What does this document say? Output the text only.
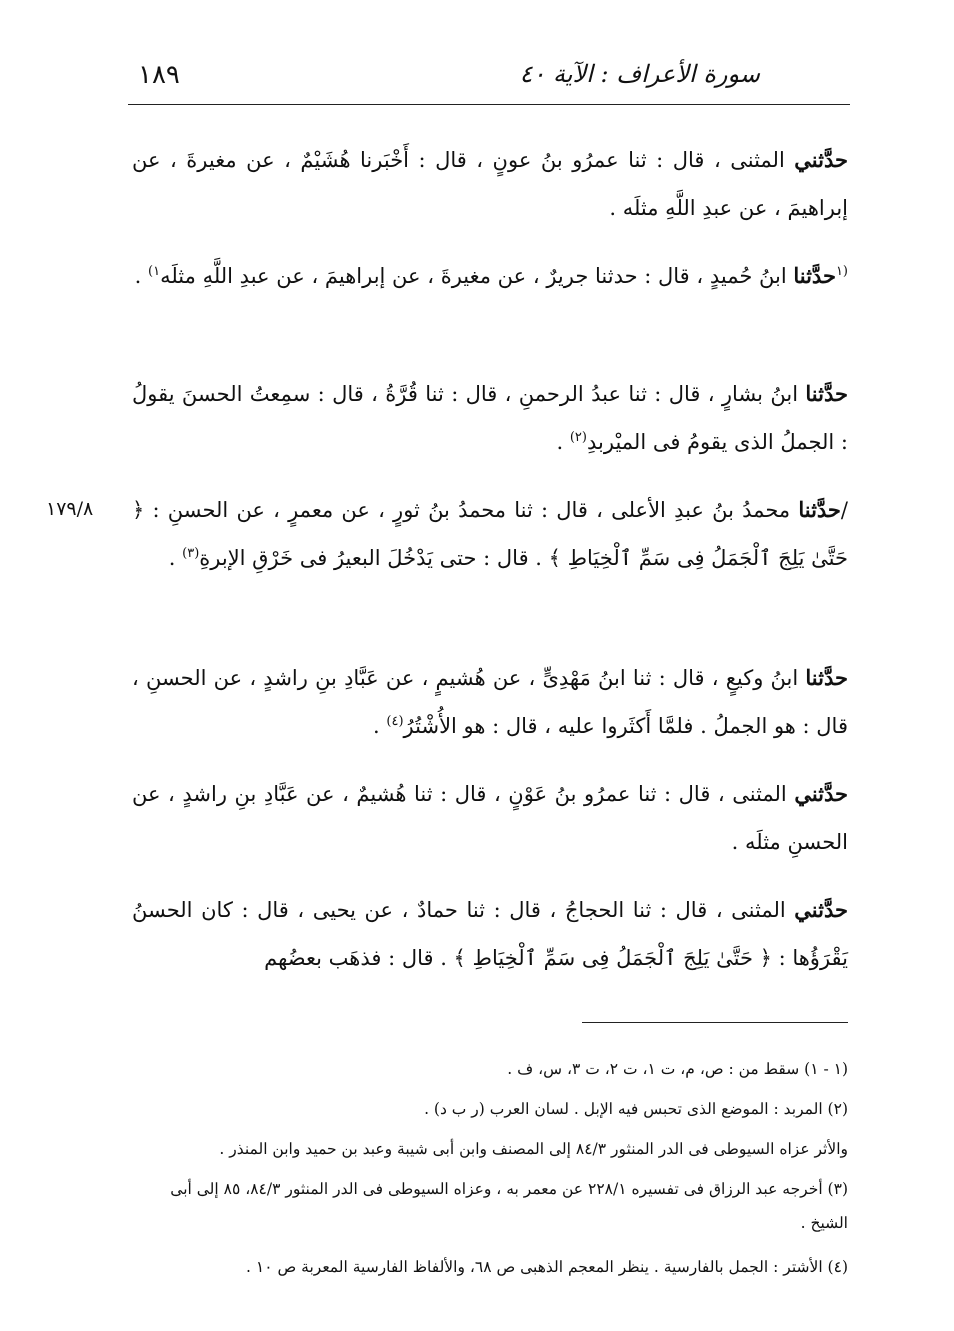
١٨٩	سورة الأعراف : الآية ٤٠
١٧٩/٨

حدَّثني المثنى ، قال : ثنا عمرُو بنُ عونٍ ، قال : أَخْبَرنا هُشَيْمٌ ، عن مغيرةَ ، عن إبراهيمَ ، عن عبدِ اللَّهِ مثلَه .

$^{(١}$حدَّثنا ابنُ حُميدٍ ، قال : حدثنا جريرٌ ، عن مغيرةَ ، عن إبراهيمَ ، عن عبدِ اللَّهِ مثلَه$^{١)}$ .

حدَّثنا ابنُ بشارٍ ، قال : ثنا عبدُ الرحمنِ ، قال : ثنا قُرَّةُ ، قال : سمِعتُ الحسنَ يقولُ : الجملُ الذى يقومُ فى الميْربدِ$^{(٢)}$ .

/حدَّثنا محمدُ بنُ عبدِ الأعلى ، قال : ثنا محمدُ بنُ ثورٍ ، عن معمرٍ ، عن الحسنِ : ﴿ حَتَّىٰ يَلِجَ ٱلْجَمَلُ فِى سَمِّ ٱلْخِيَاطِ ﴾ . قال : حتى يَدْخُلَ البعيرُ فى خَرْقِ الإبرةِ$^{(٣)}$ .

حدَّثنا ابنُ وكيعٍ ، قال : ثنا ابنُ مَهْدِىٍّ ، عن هُشيمٍ ، عن عَبَّادِ بنِ راشدٍ ، عن الحسنِ ، قال : هو الجملُ . فلمَّا أَكثَروا عليه ، قال : هو الأُشْتُرُ$^{(٤)}$ .

حدَّثني المثنى ، قال : ثنا عمرُو بنُ عَوْنٍ ، قال : ثنا هُشيمٌ ، عن عَبَّادِ بنِ راشدٍ ، عن الحسنِ مثلَه .

حدَّثني المثنى ، قال : ثنا الحجاجُ ، قال : ثنا حمادٌ ، عن يحيى ، قال : كان الحسنُ يَقْرَؤُها : ﴿ حَتَّىٰ يَلِجَ ٱلْجَمَلُ فِى سَمِّ ٱلْخِيَاطِ ﴾ . قال : فذهَب بعضُهم

(١ - ١) سقط من : ص، م، ت ١، ت ٢، ت ٣، س، ف .
(٢) المربد : الموضع الذى تحبس فيه الإبل . لسان العرب (ر ب د) .
والأثر عزاه السيوطى فى الدر المنثور ٨٤/٣ إلى المصنف وابن أبى شيبة وعبد بن حميد وابن المنذر .
(٣) أخرجه عبد الرزاق فى تفسيره ٢٢٨/١ عن معمر به ، وعزاه السيوطى فى الدر المنثور ٨٤/٣، ٨٥ إلى أبى الشيخ .
(٤) الأشتر : الجمل بالفارسية . ينظر المعجم الذهبى ص ٦٨، والألفاظ الفارسية المعربة ص ١٠ .
